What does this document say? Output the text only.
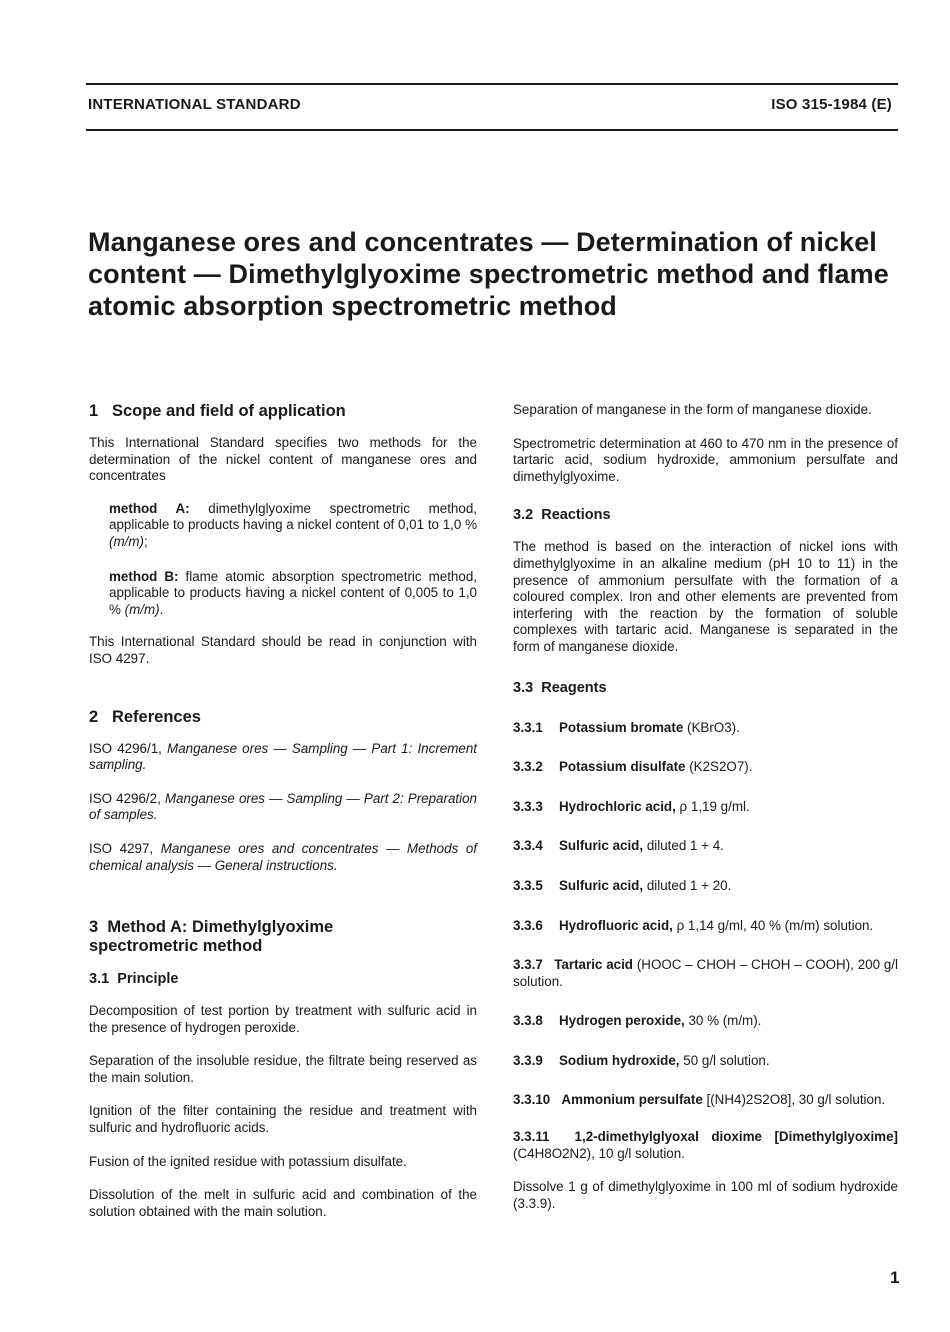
INTERNATIONAL STANDARD	ISO 315-1984 (E)
Manganese ores and concentrates — Determination of nickel content — Dimethylglyoxime spectrometric method and flame atomic absorption spectrometric method

1 Scope and field of application

This International Standard specifies two methods for the determination of the nickel content of manganese ores and concentrates

method A: dimethylglyoxime spectrometric method, applicable to products having a nickel content of 0,01 to 1,0 % (m/m);

method B: flame atomic absorption spectrometric method, applicable to products having a nickel content of 0,005 to 1,0 % (m/m).

This International Standard should be read in conjunction with ISO 4297.

2 References

ISO 4296/1, Manganese ores — Sampling — Part 1: Increment sampling.

ISO 4296/2, Manganese ores — Sampling — Part 2: Preparation of samples.

ISO 4297, Manganese ores and concentrates — Methods of chemical analysis — General instructions.

3 Method A: Dimethylglyoxime
spectrometric method

3.1 Principle

Decomposition of test portion by treatment with sulfuric acid in the presence of hydrogen peroxide.

Separation of the insoluble residue, the filtrate being reserved as the main solution.

Ignition of the filter containing the residue and treatment with sulfuric and hydrofluoric acids.

Fusion of the ignited residue with potassium disulfate.

Dissolution of the melt in sulfuric acid and combination of the solution obtained with the main solution.

Separation of manganese in the form of manganese dioxide.

Spectrometric determination at 460 to 470 nm in the presence of tartaric acid, sodium hydroxide, ammonium persulfate and dimethylglyoxime.

3.2 Reactions

The method is based on the interaction of nickel ions with dimethylglyoxime in an alkaline medium (pH 10 to 11) in the presence of ammonium persulfate with the formation of a coloured complex. Iron and other elements are prevented from interfering with the reaction by the formation of soluble complexes with tartaric acid. Manganese is separated in the form of manganese dioxide.

3.3 Reagents

3.3.1	Potassium bromate (KBrO3).

3.3.2	Potassium disulfate (K2S2O7).

3.3.3	Hydrochloric acid, ρ 1,19 g/ml.

3.3.4	Sulfuric acid, diluted 1 + 4.

3.3.5	Sulfuric acid, diluted 1 + 20.

3.3.6	Hydrofluoric acid, ρ 1,14 g/ml, 40 % (m/m) solution.

3.3.7 Tartaric acid (HOOC – CHOH – CHOH – COOH), 200 g/l solution.

3.3.8	Hydrogen peroxide, 30 % (m/m).

3.3.9	Sodium hydroxide, 50 g/l solution.

3.3.10 Ammonium persulfate [(NH4)2S2O8], 30 g/l solution.

3.3.11 1,2-dimethylglyoxal dioxime [Dimethylglyoxime] (C4H8O2N2), 10 g/l solution.

Dissolve 1 g of dimethylglyoxime in 100 ml of sodium hydroxide (3.3.9).

1
